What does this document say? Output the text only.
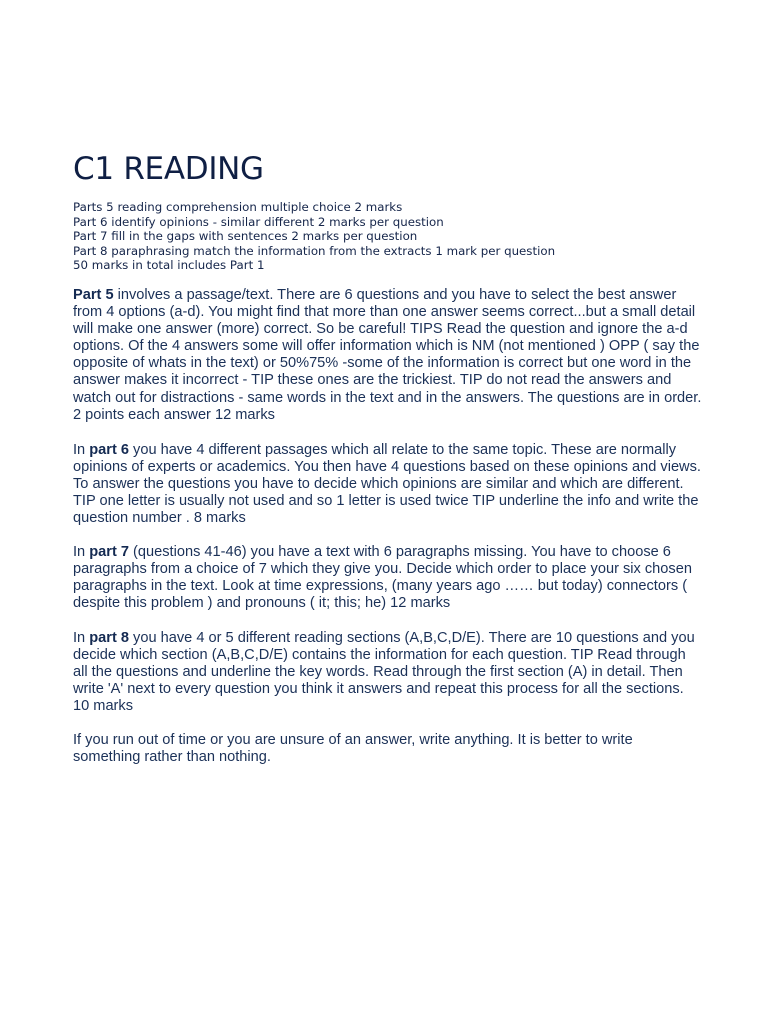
C1 READING
Parts 5 reading comprehension multiple choice 2 marks
Part 6 identify opinions - similar different 2 marks per question
Part 7 fill in the gaps with sentences 2 marks per question
Part 8 paraphrasing match the information from the extracts 1 mark per question
50 marks in total includes Part 1

Part 5 involves a passage/text. There are 6 questions and you have to select the best answer from 4 options (a-d). You might find that more than one answer seems correct...but a small detail will make one answer (more) correct. So be careful! TIPS Read the question and ignore the a-d options. Of the 4 answers some will offer information which is NM (not mentioned ) OPP ( say the opposite of whats in the text) or 50%75% -some of the information is correct but one word in the answer makes it incorrect - TIP these ones are the trickiest. TIP do not read the answers and watch out for distractions - same words in the text and in the answers. The questions are in order. 2 points each answer 12 marks

In part 6 you have 4 different passages which all relate to the same topic. These are normally opinions of experts or academics. You then have 4 questions based on these opinions and views. To answer the questions you have to decide which opinions are similar and which are different. TIP one letter is usually not used and so 1 letter is used twice TIP underline the info and write the question number . 8 marks

In part 7 (questions 41-46) you have a text with 6 paragraphs missing. You have to choose 6 paragraphs from a choice of 7 which they give you. Decide which order to place your six chosen paragraphs in the text. Look at time expressions, (many years ago …… but today) connectors ( despite this problem ) and pronouns ( it; this; he) 12 marks

In part 8 you have 4 or 5 different reading sections (A,B,C,D/E). There are 10 questions and you decide which section (A,B,C,D/E) contains the information for each question. TIP Read through all the questions and underline the key words. Read through the first section (A) in detail. Then write 'A' next to every question you think it answers and repeat this process for all the sections. 10 marks

If you run out of time or you are unsure of an answer, write anything. It is better to write something rather than nothing.
